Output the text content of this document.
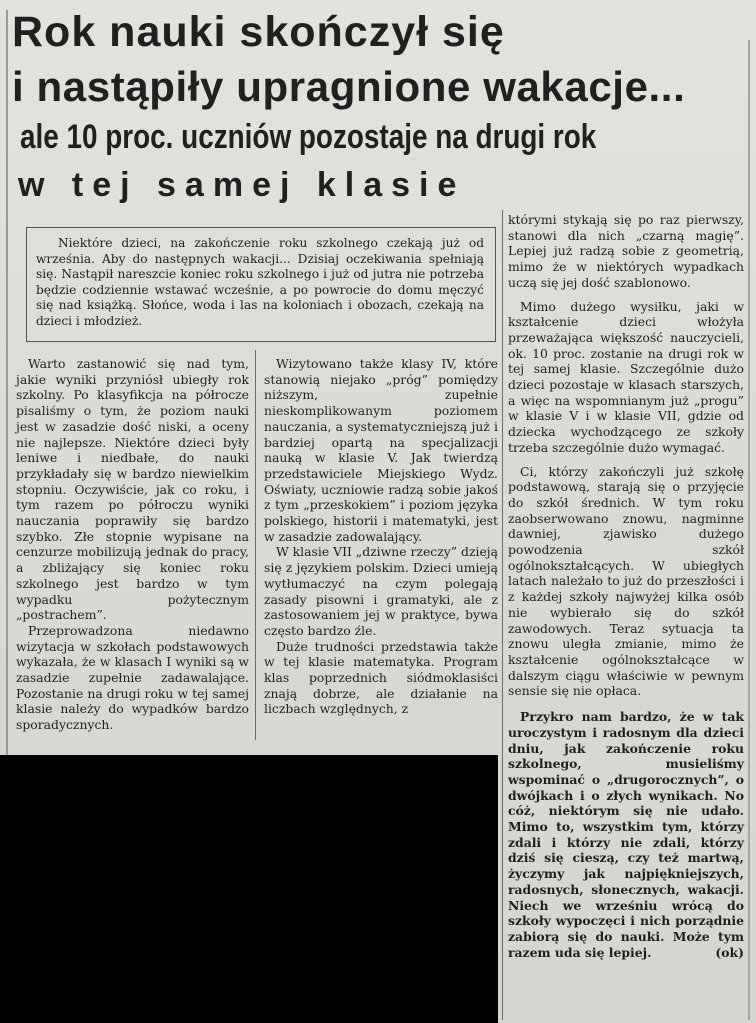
Rok nauki skończył się
i nastąpiły upragnione wakacje...
ale 10 proc. uczniów pozostaje na drugi rok
w tej samej klasie
Niektóre dzieci, na zakończenie roku szkolnego czekają już od września. Aby do następnych wakacji... Dzisiaj oczekiwania spełniają się. Nastąpił nareszcie koniec roku szkolnego i już od jutra nie potrzeba będzie codziennie wstawać wcześnie, a po powrocie do domu męczyć się nad książką. Słońce, woda i las na koloniach i obozach, czekają na dzieci i młodzież.

Warto zastanowić się nad tym, jakie wyniki przyniósł ubiegły rok szkolny. Po klasyfikcja na półrocze pisaliśmy o tym, że poziom nauki jest w zasadzie dość niski, a oceny nie najlepsze. Niektóre dzieci były leniwe i niedbałe, do nauki przykładały się w bardzo niewielkim stopniu. Oczywiście, jak co roku, i tym razem po półroczu wyniki nauczania poprawiły się bardzo szybko. Złe stopnie wypisane na cenzurze mobilizują jednak do pracy, a zbliżający się koniec roku szkolnego jest bardzo w tym wypadku pożytecznym „postrachem”.

Przeprowadzona niedawno wizytacja w szkołach podstawowych wykazała, że w klasach I wyniki są w zasadzie zupełnie zadawalające. Pozostanie na drugi roku w tej samej klasie należy do wypadków bardzo sporadycznych.

Wizytowano także klasy IV, które stanowią niejako „próg” pomiędzy niższym, zupełnie nieskomplikowanym poziomem nauczania, a systematyczniejszą już i bardziej opartą na specjalizacji nauką w klasie V. Jak twierdzą przedstawiciele Miejskiego Wydz. Oświaty, uczniowie radzą sobie jakoś z tym „przeskokiem” i poziom języka polskiego, historii i matematyki, jest w zasadzie zadowalający.

W klasie VII „dziwne rzeczy” dzieją się z językiem polskim. Dzieci umieją wytłumaczyć na czym polegają zasady pisowni i gramatyki, ale z zastosowaniem jej w praktyce, bywa często bardzo źle.

Duże trudności przedstawia także w tej klasie matematyka. Program klas poprzednich siódmoklasiści znają dobrze, ale działanie na liczbach względnych, z

którymi stykają się po raz pierwszy, stanowi dla nich „czarną magię”. Lepiej już radzą sobie z geometrią, mimo że w niektórych wypadkach uczą się jej dość szablonowo.

Mimo dużego wysiłku, jaki w kształcenie dzieci włożyła przeważająca większość nauczycieli, ok. 10 proc. zostanie na drugi rok w tej samej klasie. Szczególnie dużo dzieci pozostaje w klasach starszych, a więc na wspomnianym już „progu” w klasie V i w klasie VII, gdzie od dziecka wychodzącego ze szkoły trzeba szczególnie dużo wymagać.

Ci, którzy zakończyli już szkołę podstawową, starają się o przyjęcie do szkół średnich. W tym roku zaobserwowano znowu, nagminne dawniej, zjawisko dużego powodzenia szkół ogólnokształcących. W ubiegłych latach należało to już do przeszłości i z każdej szkoły najwyżej kilka osób nie wybierało się do szkół zawodowych. Teraz sytuacja ta znowu uległa zmianie, mimo że kształcenie ogólnokształcące w dalszym ciągu właściwie w pewnym sensie się nie opłaca.

Przykro nam bardzo, że w tak uroczystym i radosnym dla dzieci dniu, jak zakończenie roku szkolnego, musieliśmy wspominać o „drugorocznych”, o dwójkach i o złych wynikach. No cóż, niektórym się nie udało. Mimo to, wszystkim tym, którzy zdali i którzy nie zdali, którzy dziś się cieszą, czy też martwą, życzymy jak najpiękniejszych, radosnych, słonecznych, wakacji. Niech we wrześniu wrócą do szkoły wypoczęci i nich porządnie zabiorą się do nauki. Może tym razem uda się lepiej.	(ok)
